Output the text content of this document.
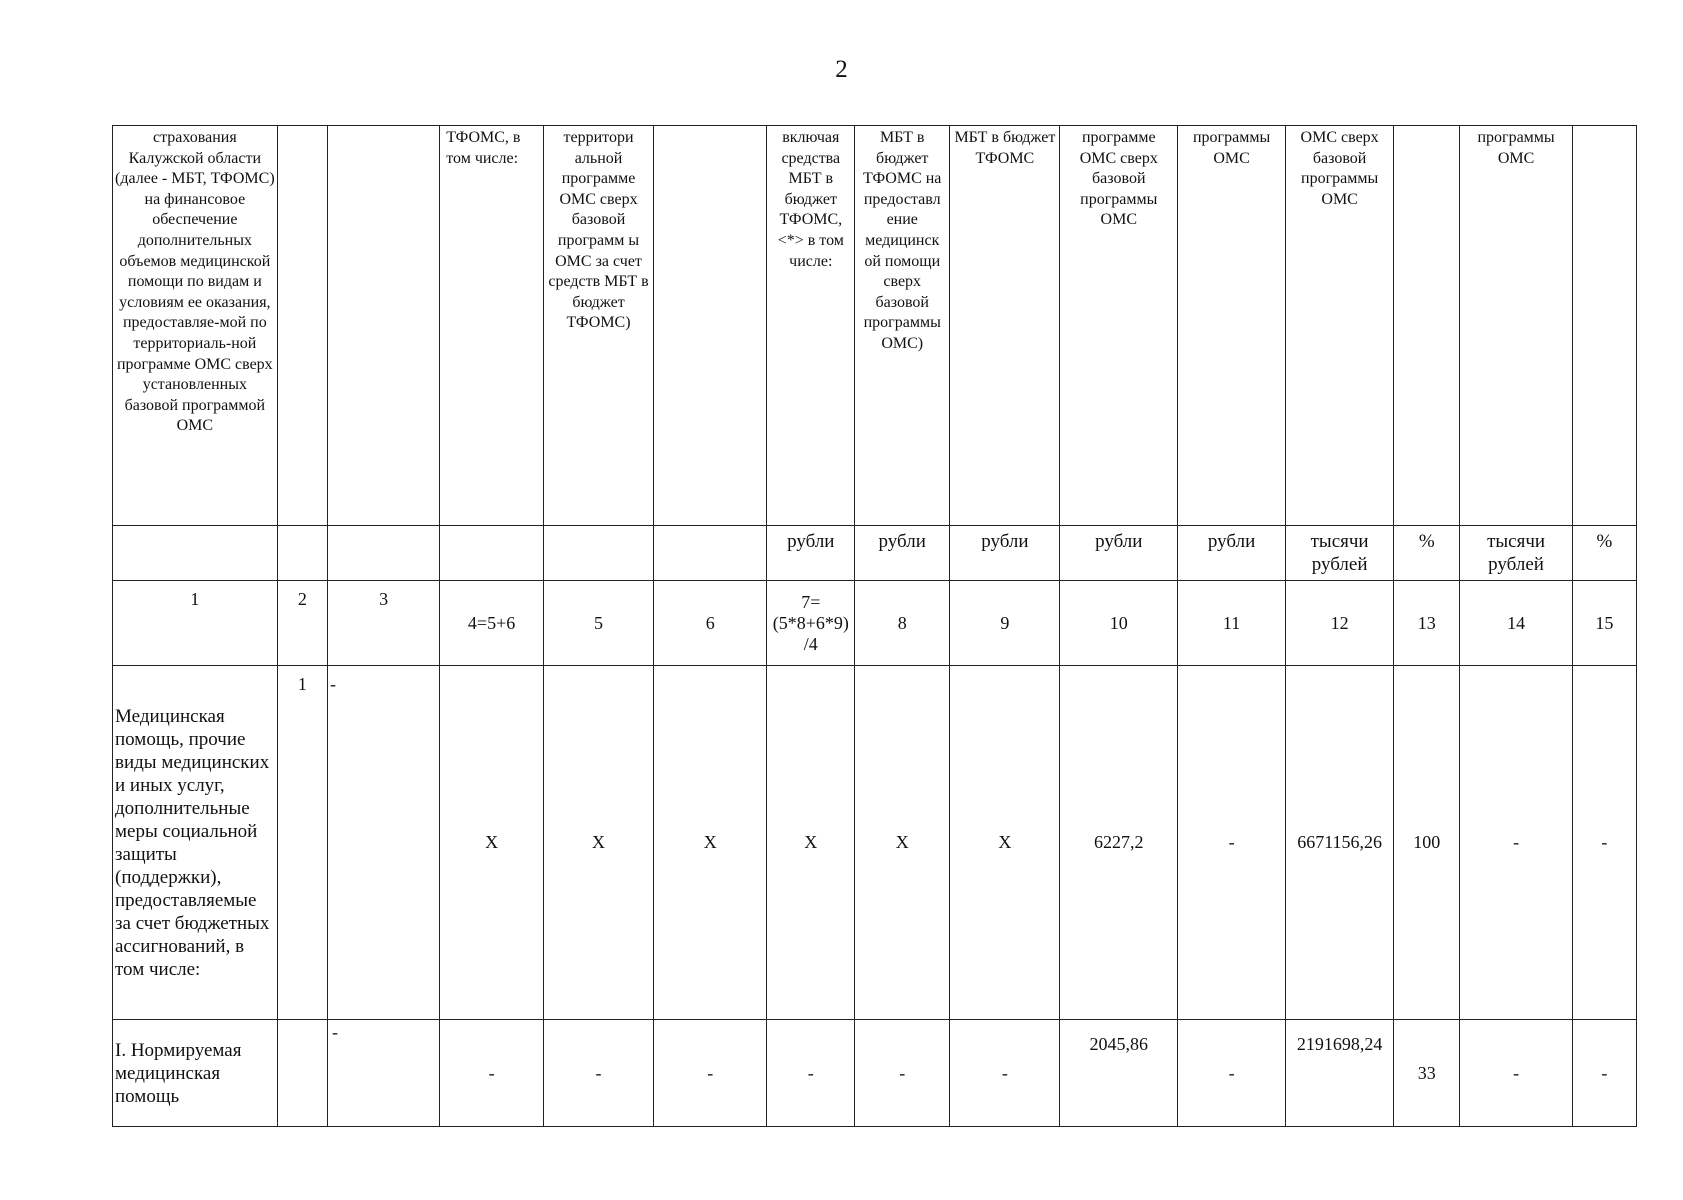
2
страхования Калужской области (далее - МБТ, ТФОМС) на финансовое обеспечение дополнительных объемов медицинской помощи по видам и условиям ее оказания, предоставляе-мой по территориаль-ной программе ОМС сверх установленных базовой программой ОМС			ТФОМС, в том числе:	территори альной программе ОМС сверх базовой программ ы ОМС за счет средств МБТ в бюджет ТФОМС)		включая средства МБТ в бюджет ТФОМС, <*> в том числе:	МБТ в бюджет ТФОМС на предоставл ение медицинск ой помощи сверх базовой программы ОМС)	МБТ в бюджет ТФОМС	программе ОМС сверх базовой программы ОМС	программы ОМС	ОМС сверх базовой программы ОМС		программы ОМС	
						рубли	рубли	рубли	рубли	рубли	тысячи рублей	%	тысячи рублей	%
1	2	3	4=5+6	5	6	7= (5*8+6*9) /4	8	9	10	11	12	13	14	15
Медицинская помощь, прочие виды медицинских и иных услуг, дополнительные меры социальной защиты (поддержки), предоставляемые за счет бюджетных ассигнований, в том числе:	1	-	Х	Х	Х	Х	Х	Х	6227,2	-	6671156,26	100	-	-
I. Нормируемая медицинская помощь		-	-	-	-	-	-	-	2045,86	-	2191698,24	33	-	-
